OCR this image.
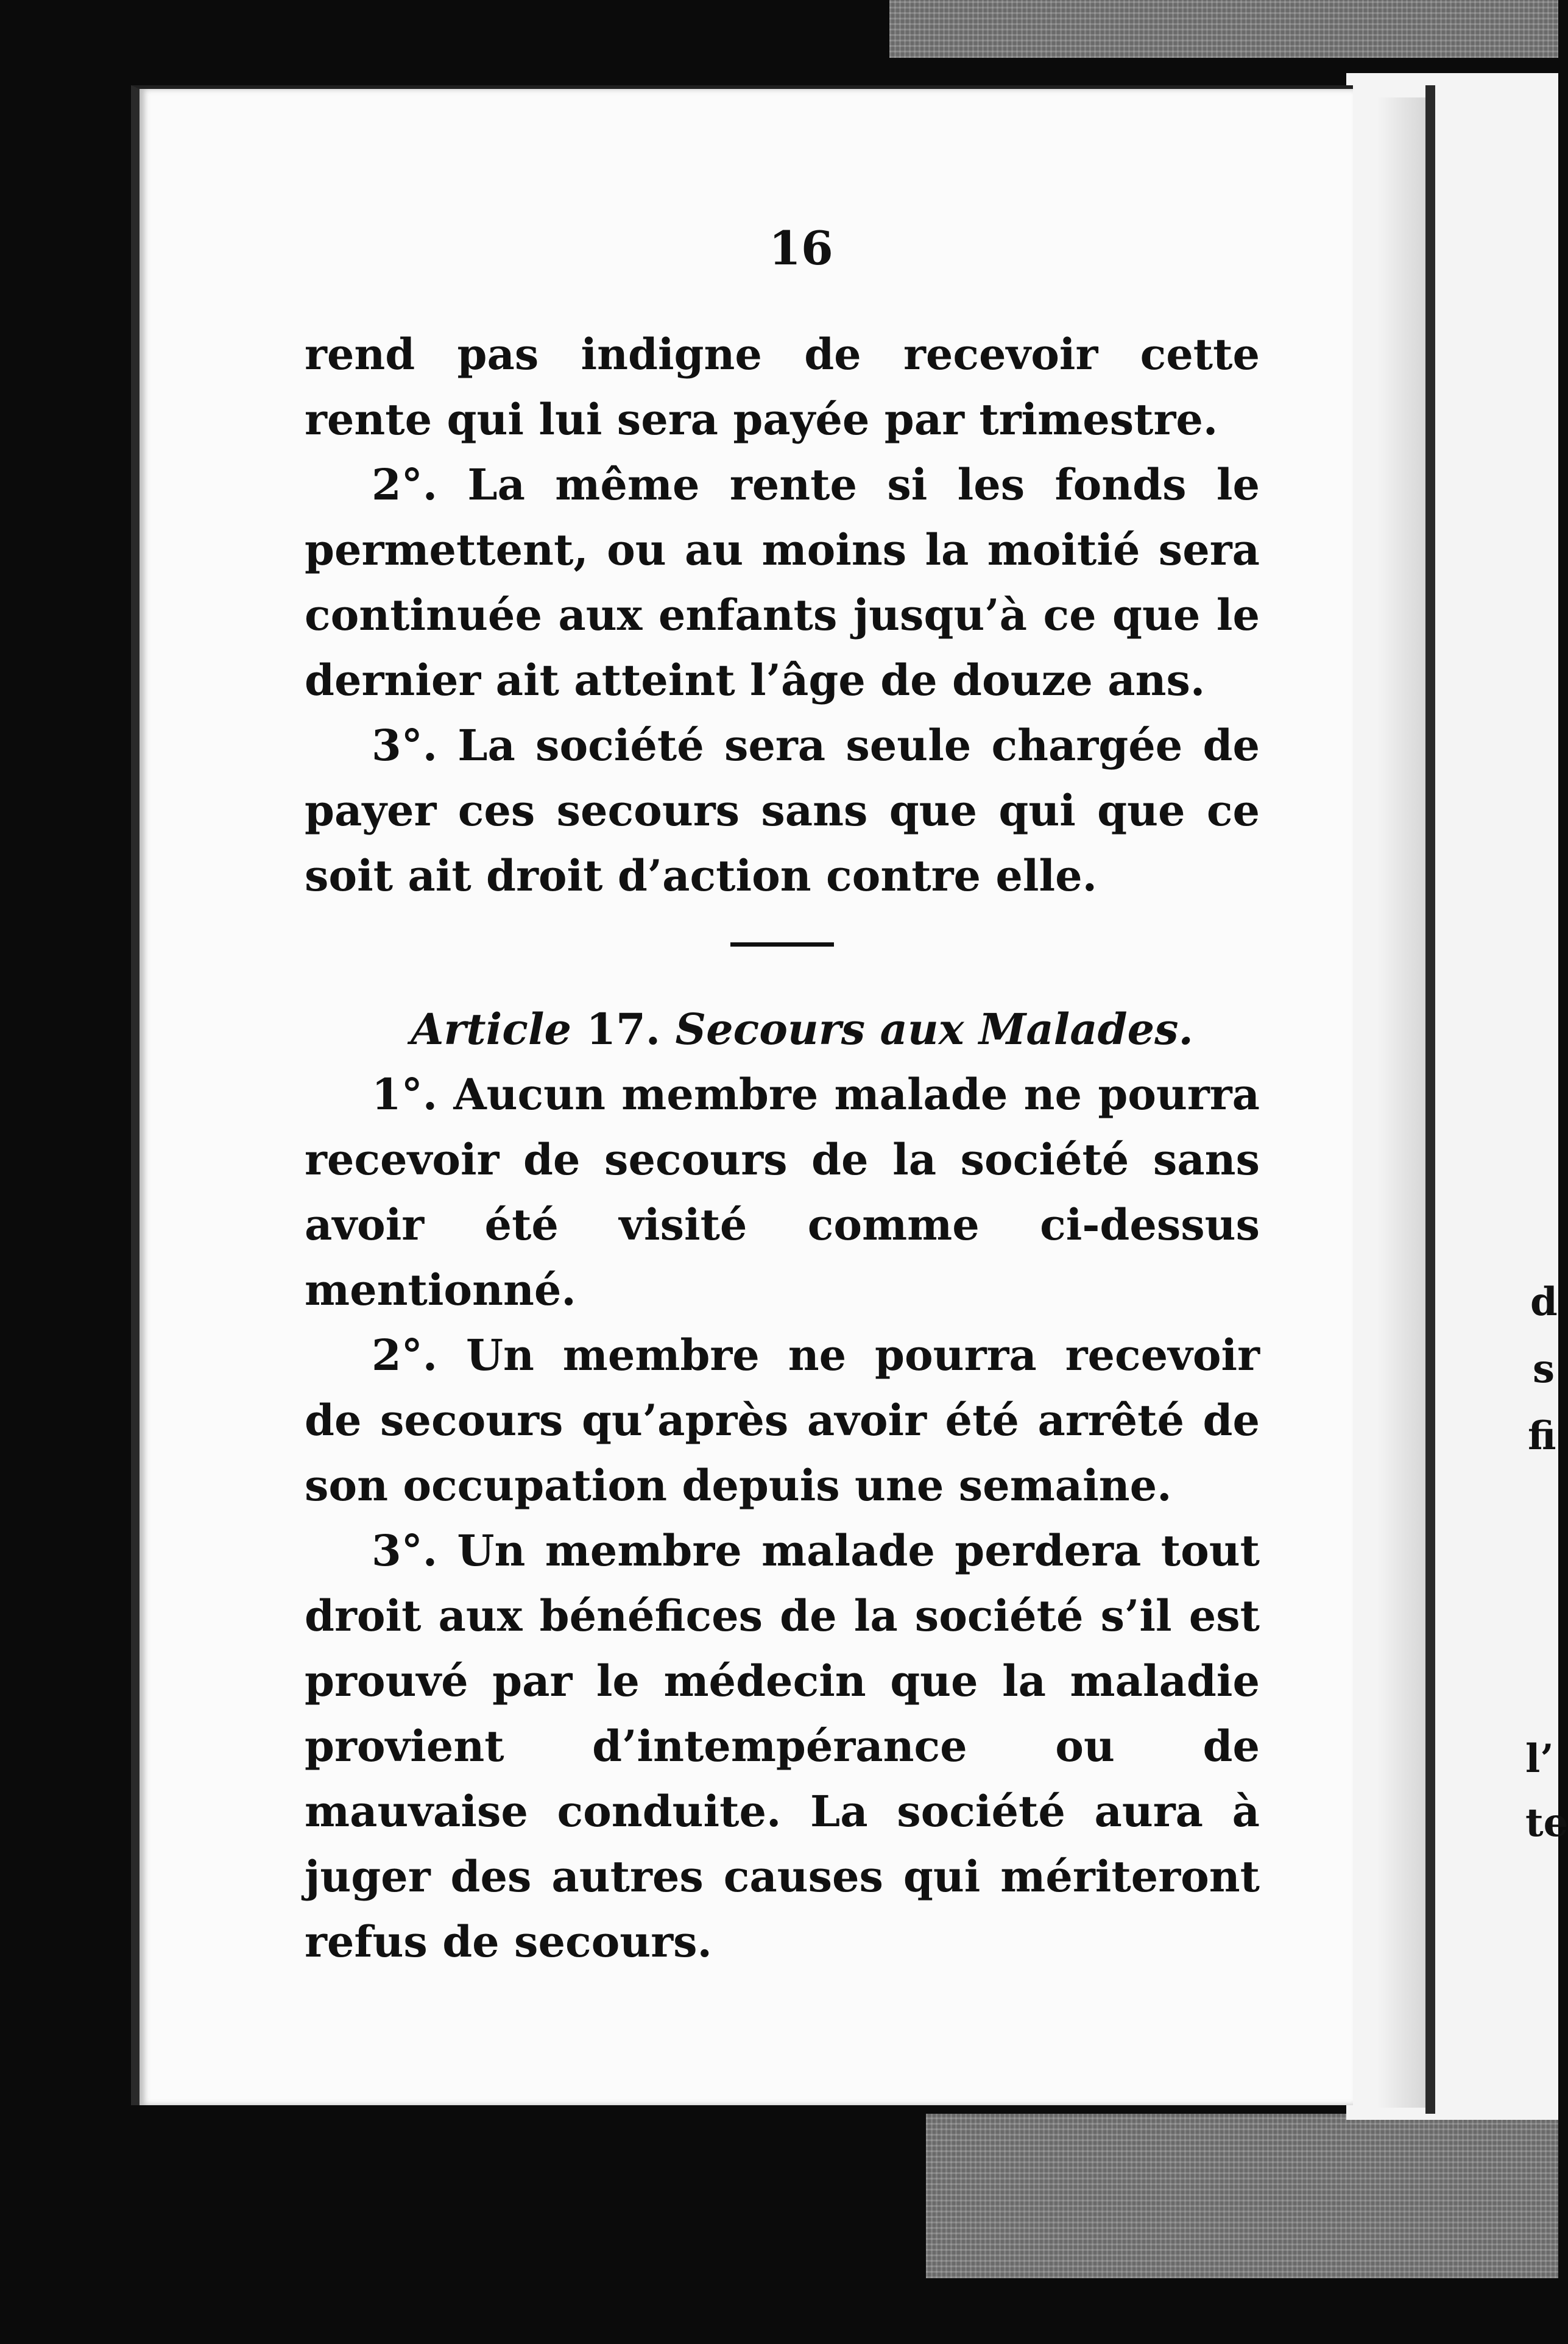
16

rend pas indigne de recevoir cette rente qui lui sera payée par trimestre.

2°. La même rente si les fonds le permettent, ou au moins la moitié sera continuée aux enfants jusqu’à ce que le dernier ait atteint l’âge de douze ans.

3°. La société sera seule chargée de payer ces secours sans que qui que ce soit ait droit d’action contre elle.

Article 17. Secours aux Malades.

1°. Aucun membre malade ne pourra recevoir de secours de la société sans avoir été visité comme ci-dessus mentionné.

2°. Un membre ne pourra recevoir de secours qu’après avoir été arrêté de son occupation depuis une semaine.

3°. Un membre malade perdera tout droit aux bénéfices de la société s’il est prouvé par le médecin que la maladie provient d’intempérance ou de mauvaise conduite. La société aura à juger des autres causes qui mériteront refus de secours.

d
s
fi
l’
te
